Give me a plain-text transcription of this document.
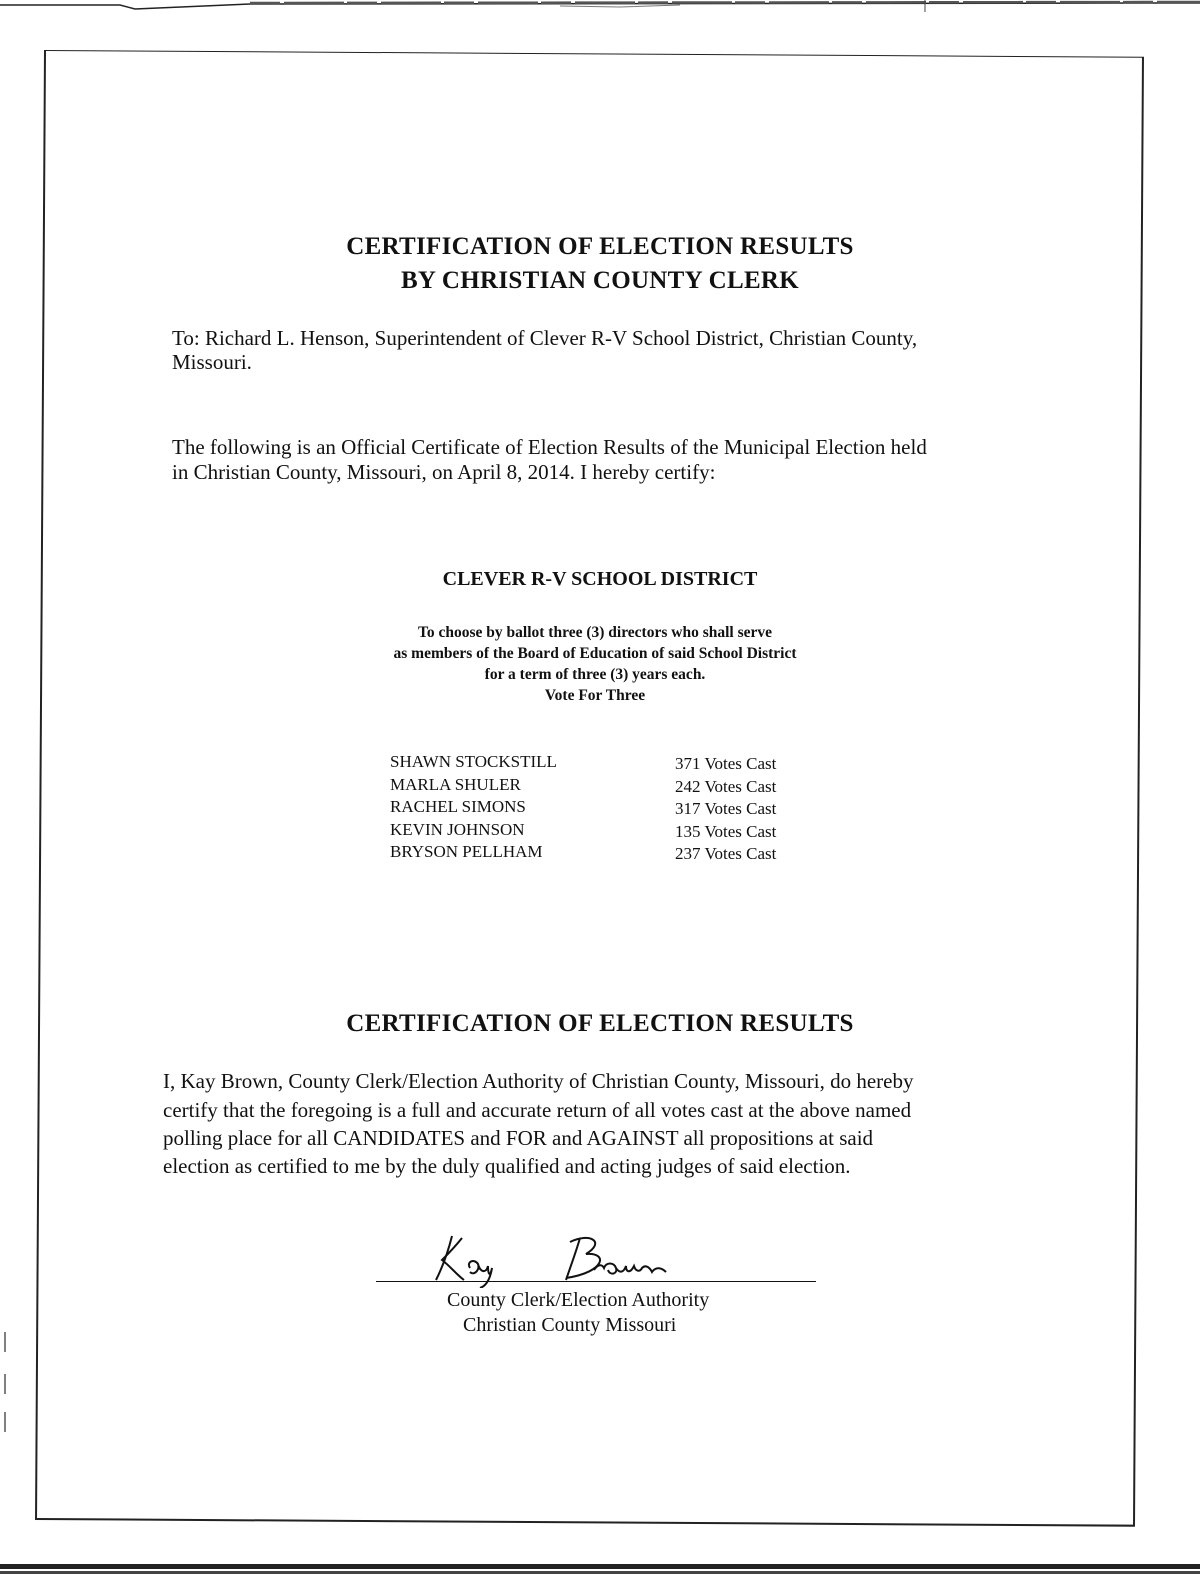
CERTIFICATION OF ELECTION RESULTS
BY CHRISTIAN COUNTY CLERK
To: Richard L. Henson, Superintendent of Clever R-V School District, Christian County,
Missouri.
The following is an Official Certificate of Election Results of the Municipal Election held
in Christian County, Missouri, on April 8, 2014. I hereby certify:
CLEVER R-V SCHOOL DISTRICT
To choose by ballot three (3) directors who shall serve
as members of the Board of Education of said School District
for a term of three (3) years each.
Vote For Three
SHAWN STOCKSTILL	371 Votes Cast
MARLA SHULER	242 Votes Cast
RACHEL SIMONS	317 Votes Cast
KEVIN JOHNSON	135 Votes Cast
BRYSON PELLHAM	237 Votes Cast
CERTIFICATION OF ELECTION RESULTS
I, Kay Brown, County Clerk/Election Authority of Christian County, Missouri, do hereby
certify that the foregoing is a full and accurate return of all votes cast at the above named
polling place for all CANDIDATES and FOR and AGAINST all propositions at said
election as certified to me by the duly qualified and acting judges of said election.
County Clerk/Election Authority
Christian County Missouri
